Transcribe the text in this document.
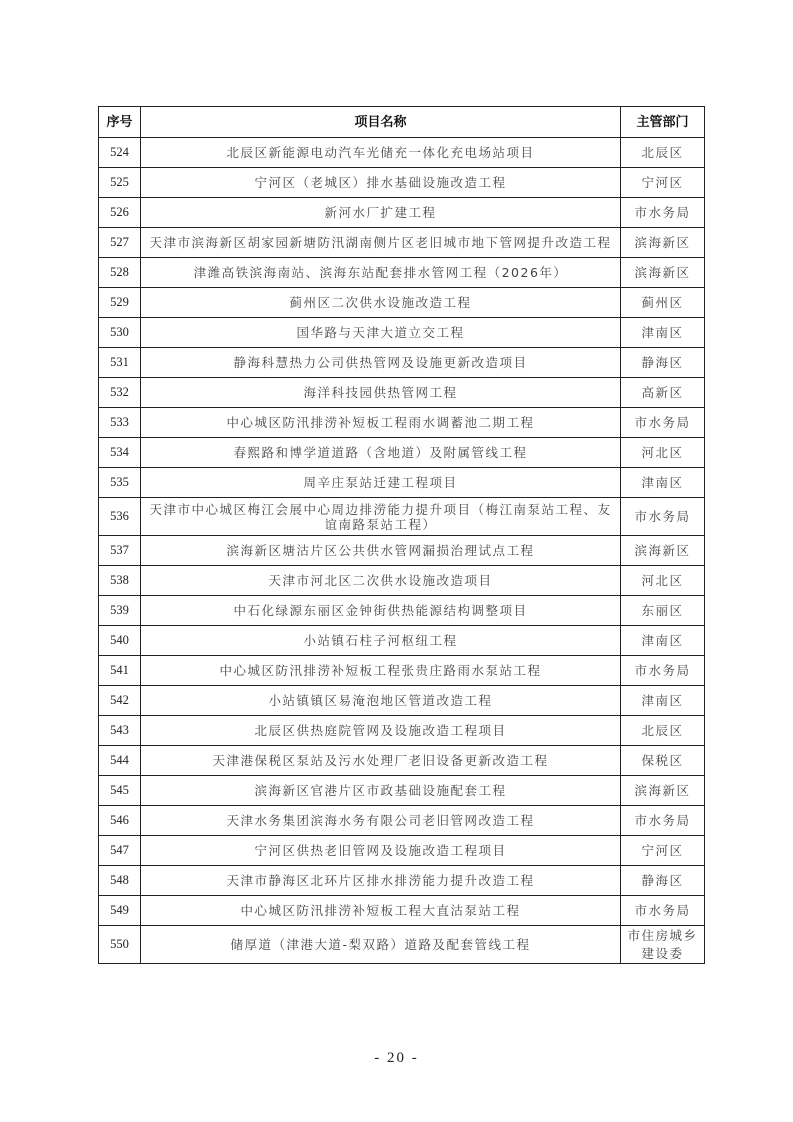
序号	项目名称	主管部门
524	北辰区新能源电动汽车光储充一体化充电场站项目	北辰区
525	宁河区（老城区）排水基础设施改造工程	宁河区
526	新河水厂扩建工程	市水务局
527	天津市滨海新区胡家园新塘防汛湖南侧片区老旧城市地下管网提升改造工程	滨海新区
528	津潍高铁滨海南站、滨海东站配套排水管网工程（2026年）	滨海新区
529	蓟州区二次供水设施改造工程	蓟州区
530	国华路与天津大道立交工程	津南区
531	静海科慧热力公司供热管网及设施更新改造项目	静海区
532	海洋科技园供热管网工程	高新区
533	中心城区防汛排涝补短板工程雨水调蓄池二期工程	市水务局
534	春熙路和博学道道路（含地道）及附属管线工程	河北区
535	周辛庄泵站迁建工程项目	津南区
536	天津市中心城区梅江会展中心周边排涝能力提升项目（梅江南泵站工程、友谊南路泵站工程）	市水务局
537	滨海新区塘沽片区公共供水管网漏损治理试点工程	滨海新区
538	天津市河北区二次供水设施改造项目	河北区
539	中石化绿源东丽区金钟街供热能源结构调整项目	东丽区
540	小站镇石柱子河枢纽工程	津南区
541	中心城区防汛排涝补短板工程张贵庄路雨水泵站工程	市水务局
542	小站镇镇区易淹泡地区管道改造工程	津南区
543	北辰区供热庭院管网及设施改造工程项目	北辰区
544	天津港保税区泵站及污水处理厂老旧设备更新改造工程	保税区
545	滨海新区官港片区市政基础设施配套工程	滨海新区
546	天津水务集团滨海水务有限公司老旧管网改造工程	市水务局
547	宁河区供热老旧管网及设施改造工程项目	宁河区
548	天津市静海区北环片区排水排涝能力提升改造工程	静海区
549	中心城区防汛排涝补短板工程大直沽泵站工程	市水务局
550	储厚道（津港大道-梨双路）道路及配套管线工程	市住房城乡建设委
- 20 -
